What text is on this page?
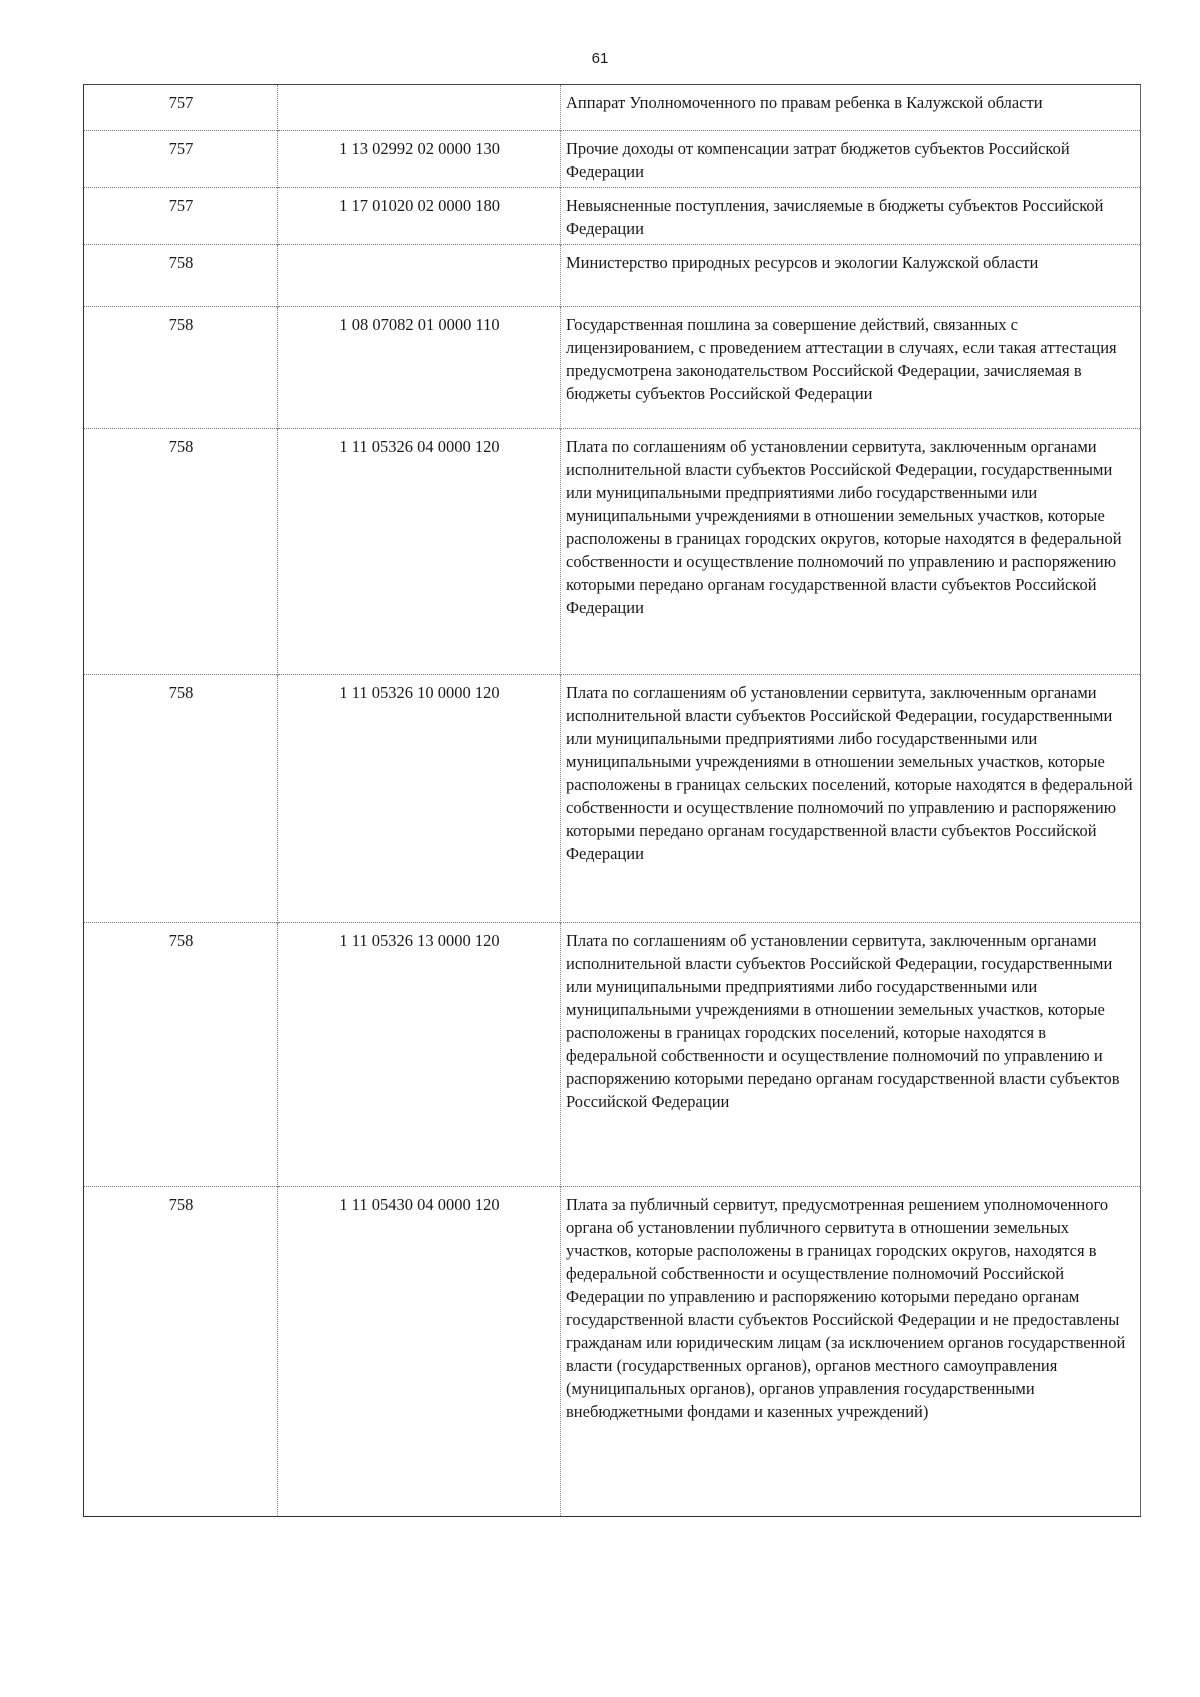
61
757		Аппарат Уполномоченного по правам ребенка в Калужской области

757	1 13 02992 02 0000 130	Прочие доходы от компенсации затрат бюджетов субъектов Российской Федерации

757	1 17 01020 02 0000 180	Невыясненные поступления, зачисляемые в бюджеты субъектов Российской Федерации

758		Министерство природных ресурсов и экологии Калужской области

758	1 08 07082 01 0000 110	Государственная пошлина за совершение действий, связанных с лицензированием, с проведением аттестации в случаях, если такая аттестация предусмотрена законодательством Российской Федерации, зачисляемая в бюджеты субъектов Российской Федерации

758	1 11 05326 04 0000 120	Плата по соглашениям об установлении сервитута, заключенным органами исполнительной власти субъектов Российской Федерации, государственными или муниципальными предприятиями либо государственными или муниципальными учреждениями в отношении земельных участков, которые расположены в границах городских округов, которые находятся в федеральной собственности и осуществление полномочий по управлению и распоряжению которыми передано органам государственной власти субъектов Российской Федерации

758	1 11 05326 10 0000 120	Плата по соглашениям об установлении сервитута, заключенным органами исполнительной власти субъектов Российской Федерации, государственными или муниципальными предприятиями либо государственными или муниципальными учреждениями в отношении земельных участков, которые расположены в границах сельских поселений, которые находятся в федеральной собственности и осуществление полномочий по управлению и распоряжению которыми передано органам государственной власти субъектов Российской Федерации

758	1 11 05326 13 0000 120	Плата по соглашениям об установлении сервитута, заключенным органами исполнительной власти субъектов Российской Федерации, государственными или муниципальными предприятиями либо государственными или муниципальными учреждениями в отношении земельных участков, которые расположены в границах городских поселений, которые находятся в федеральной собственности и осуществление полномочий по управлению и распоряжению которыми передано органам государственной власти субъектов Российской Федерации

758	1 11 05430 04 0000 120	Плата за публичный сервитут, предусмотренная решением уполномоченного органа об установлении публичного сервитута в отношении земельных участков, которые расположены в границах городских округов, находятся в федеральной собственности и осуществление полномочий Российской Федерации по управлению и распоряжению которыми передано органам государственной власти субъектов Российской Федерации и не предоставлены гражданам или юридическим лицам (за исключением органов государственной власти (государственных органов), органов местного самоуправления (муниципальных органов), органов управления государственными внебюджетными фондами и казенных учреждений)
